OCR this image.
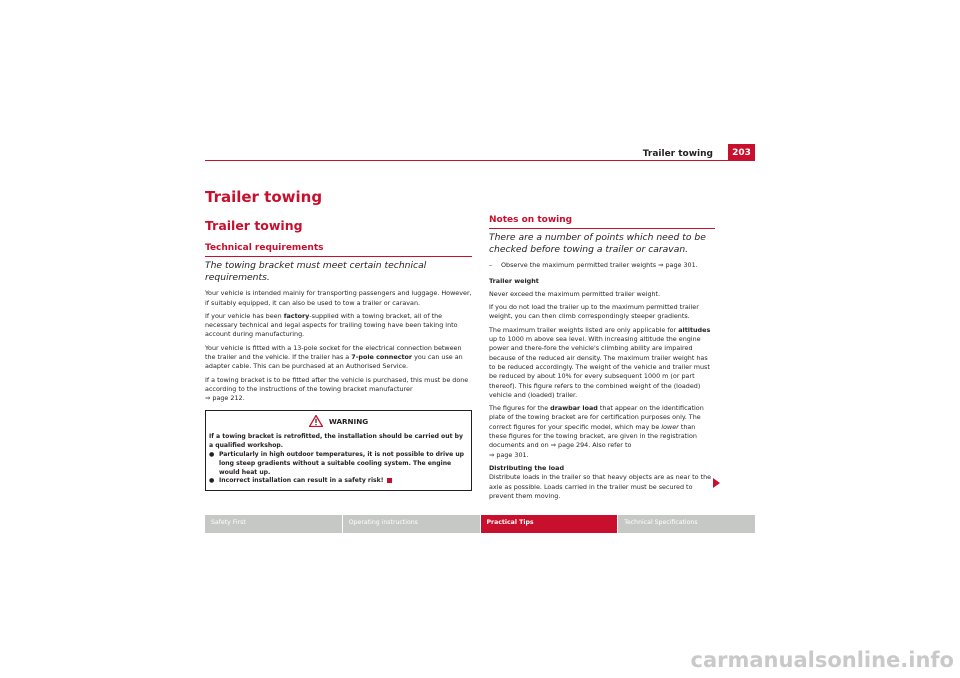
Trailer towing	203
Trailer towing
Trailer towing
Technical requirements
The towing bracket must meet certain technical requirements.

Your vehicle is intended mainly for transporting passengers and luggage. However, if suitably equipped, it can also be used to tow a trailer or caravan.

If your vehicle has been factory-supplied with a towing bracket, all of the necessary technical and legal aspects for trailing towing have been taking into account during manufacturing.

Your vehicle is fitted with a 13-pole socket for the electrical connection between the trailer and the vehicle. If the trailer has a 7-pole connector you can use an adapter cable. This can be purchased at an Authorised Service.

If a towing bracket is to be fitted after the vehicle is purchased, this must be done according to the instructions of the towing bracket manufacturer
⇒ page 212.

WARNING

If a towing bracket is retrofitted, the installation should be carried out by a qualified workshop.

● Particularly in high outdoor temperatures, it is not possible to drive up long steep gradients without a suitable cooling system. The engine would heat up.
● Incorrect installation can result in a safety risk!
Notes on towing
There are a number of points which need to be checked before towing a trailer or caravan.
–	Observe the maximum permitted trailer weights ⇒ page 301.

Trailer weight

Never exceed the maximum permitted trailer weight.

If you do not load the trailer up to the maximum permitted trailer weight, you can then climb correspondingly steeper gradients.

The maximum trailer weights listed are only applicable for altitudes up to 1000 m above sea level. With increasing altitude the engine power and there-fore the vehicle's climbing ability are impaired because of the reduced air density. The maximum trailer weight has to be reduced accordingly. The weight of the vehicle and trailer must be reduced by about 10% for every subsequent 1000 m (or part thereof). This figure refers to the combined weight of the (loaded) vehicle and (loaded) trailer.

The figures for the drawbar load that appear on the identification plate of the towing bracket are for certification purposes only. The correct figures for your specific model, which may be lower than these figures for the towing bracket, are given in the registration documents and on ⇒ page 294. Also refer to
⇒ page 301.

Distributing the load

Distribute loads in the trailer so that heavy objects are as near to the axle as possible. Loads carried in the trailer must be secured to prevent them moving.

Safety First	Operating instructions	Practical Tips	Technical Specifications
carmanualsonline.info
